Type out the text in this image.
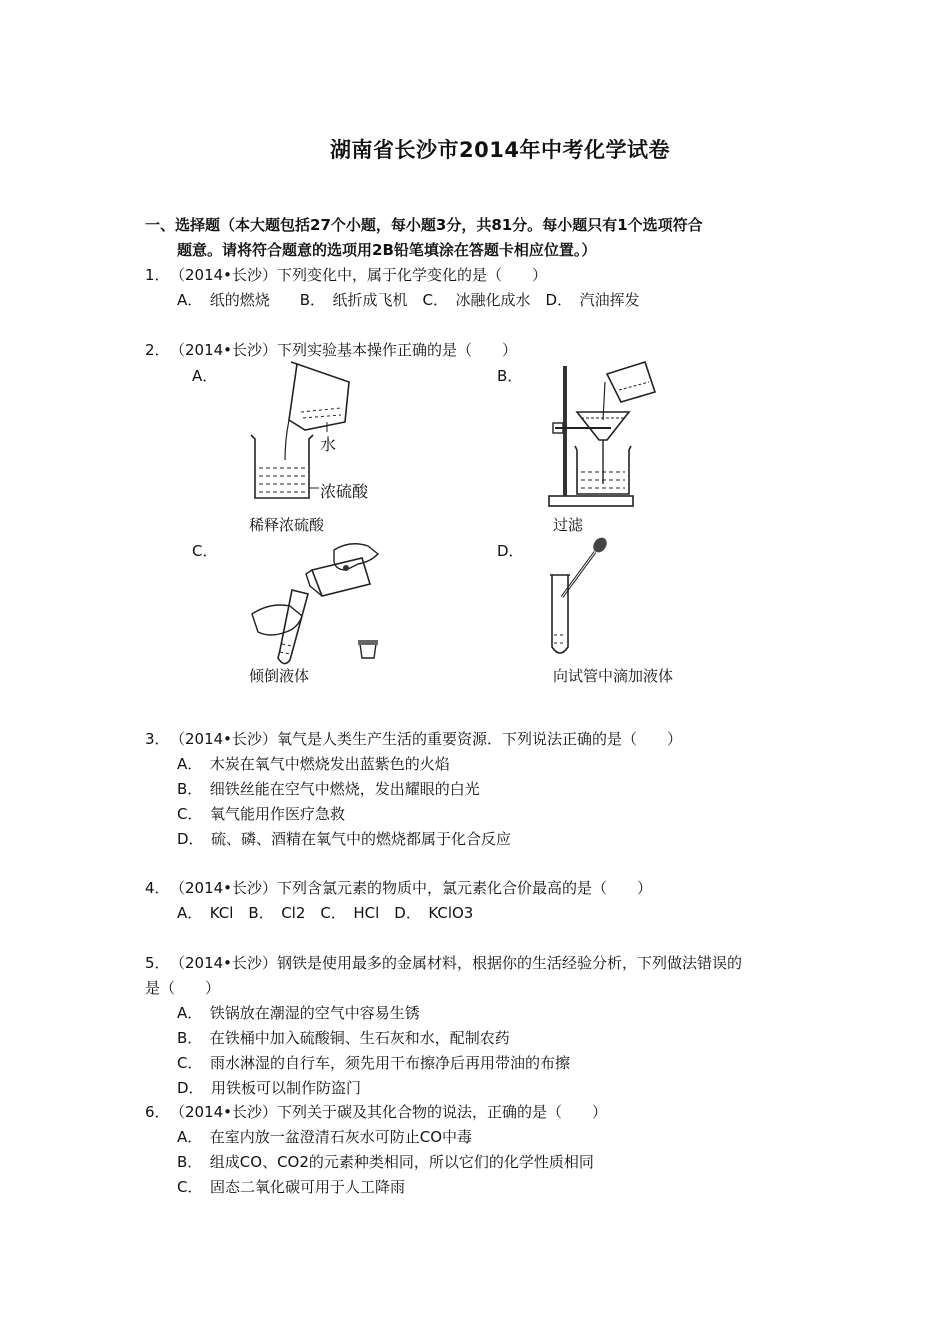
湖南省长沙市2014年中考化学试卷
一、选择题（本大题包括27个小题，每小题3分，共81分。每小题只有1个选项符合
题意。请将符合题意的选项用2B铅笔填涂在答题卡相应位置。）
1． （2014•长沙）下列变化中，属于化学变化的是（　　）
A．　纸的燃烧　　B．　纸折成飞机　C．　冰融化成水　D．　汽油挥发
2． （2014•长沙）下列实验基本操作正确的是（　　）
A．	B．
C．	D．
水
浓硫酸
稀释浓硫酸	过滤
倾倒液体	向试管中滴加液体
3． （2014•长沙）氧气是人类生产生活的重要资源．下列说法正确的是（　　）
A．　木炭在氧气中燃烧发出蓝紫色的火焰
B．　细铁丝能在空气中燃烧，发出耀眼的白光
C．　氧气能用作医疗急救
D．　硫、磷、酒精在氧气中的燃烧都属于化合反应
4． （2014•长沙）下列含氯元素的物质中，氯元素化合价最高的是（　　）
A．　KCl　B．　Cl2　C．　HCl　D．　KClO3
5． （2014•长沙）钢铁是使用最多的金属材料，根据你的生活经验分析，下列做法错误的
是（　　）
A．　铁锅放在潮湿的空气中容易生锈
B．　在铁桶中加入硫酸铜、生石灰和水，配制农药
C．　雨水淋湿的自行车，须先用干布擦净后再用带油的布擦
D．　用铁板可以制作防盗门
6． （2014•长沙）下列关于碳及其化合物的说法，正确的是（　　）
A．　在室内放一盆澄清石灰水可防止CO中毒
B．　组成CO、CO2的元素种类相同，所以它们的化学性质相同
C．　固态二氧化碳可用于人工降雨
